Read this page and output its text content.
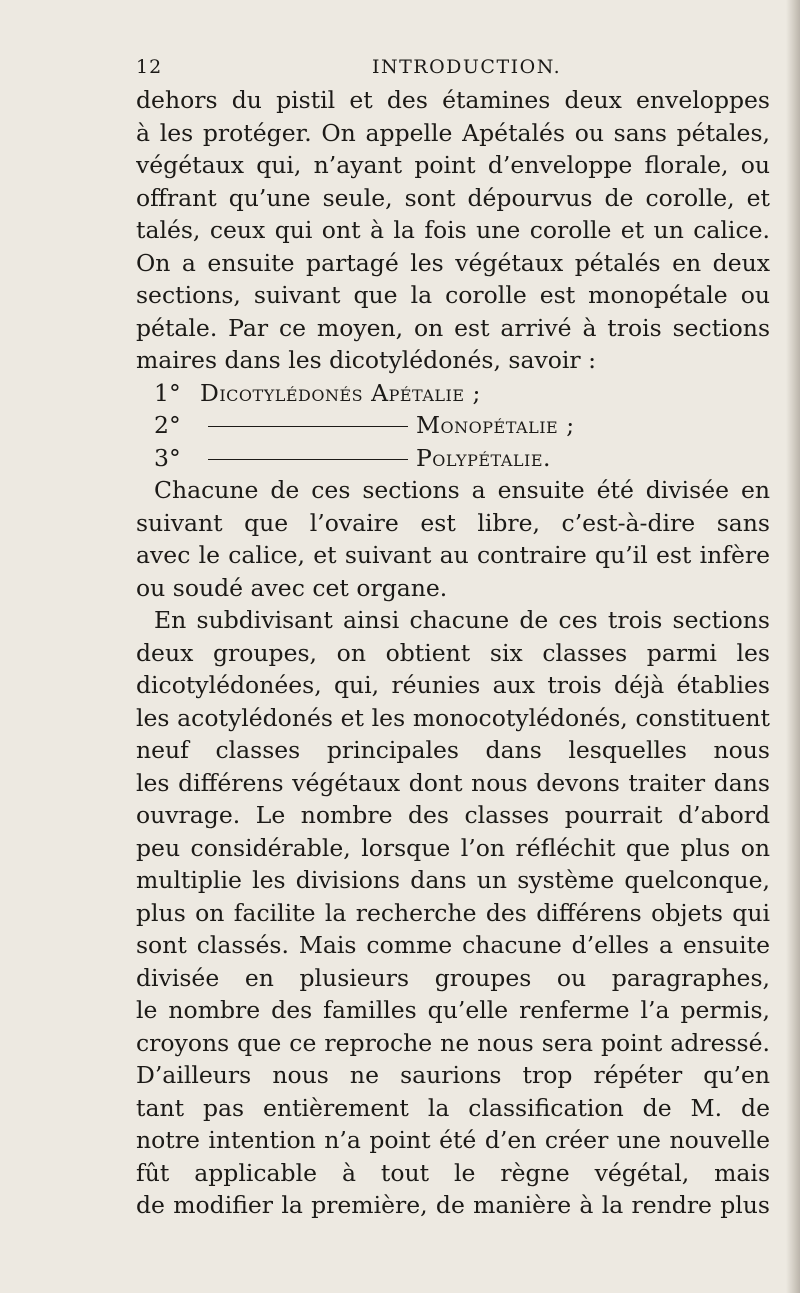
12	INTRODUCTION.
dehors du pistil et des étamines deux enveloppes
à les protéger. On appelle Apétalés ou sans pétales,
végétaux qui, n’ayant point d’enveloppe florale, ou
offrant qu’une seule, sont dépourvus de corolle, et
talés, ceux qui ont à la fois une corolle et un calice.
On a ensuite partagé les végétaux pétalés en deux
sections, suivant que la corolle est monopétale ou
pétale. Par ce moyen, on est arrivé à trois sections
maires dans les dicotylédonés, savoir :
1° Dicotylédonés Apétalie ;
2°	Monopétalie ;
3°	Polypétalie.
Chacune de ces sections a ensuite été divisée en
suivant que l’ovaire est libre, c’est-à-dire sans
avec le calice, et suivant au contraire qu’il est infère
ou soudé avec cet organe.
En subdivisant ainsi chacune de ces trois sections
deux groupes, on obtient six classes parmi les
dicotylédonées, qui, réunies aux trois déjà établies
les acotylédonés et les monocotylédonés, constituent
neuf classes principales dans lesquelles nous
les différens végétaux dont nous devons traiter dans
ouvrage. Le nombre des classes pourrait d’abord
peu considérable, lorsque l’on réfléchit que plus on
multiplie les divisions dans un système quelconque,
plus on facilite la recherche des différens objets qui
sont classés. Mais comme chacune d’elles a ensuite
divisée en plusieurs groupes ou paragraphes,
le nombre des familles qu’elle renferme l’a permis,
croyons que ce reproche ne nous sera point adressé.
D’ailleurs nous ne saurions trop répéter qu’en
tant pas entièrement la classification de M. de
notre intention n’a point été d’en créer une nouvelle
fût applicable à tout le règne végétal, mais
de modifier la première, de manière à la rendre plus
